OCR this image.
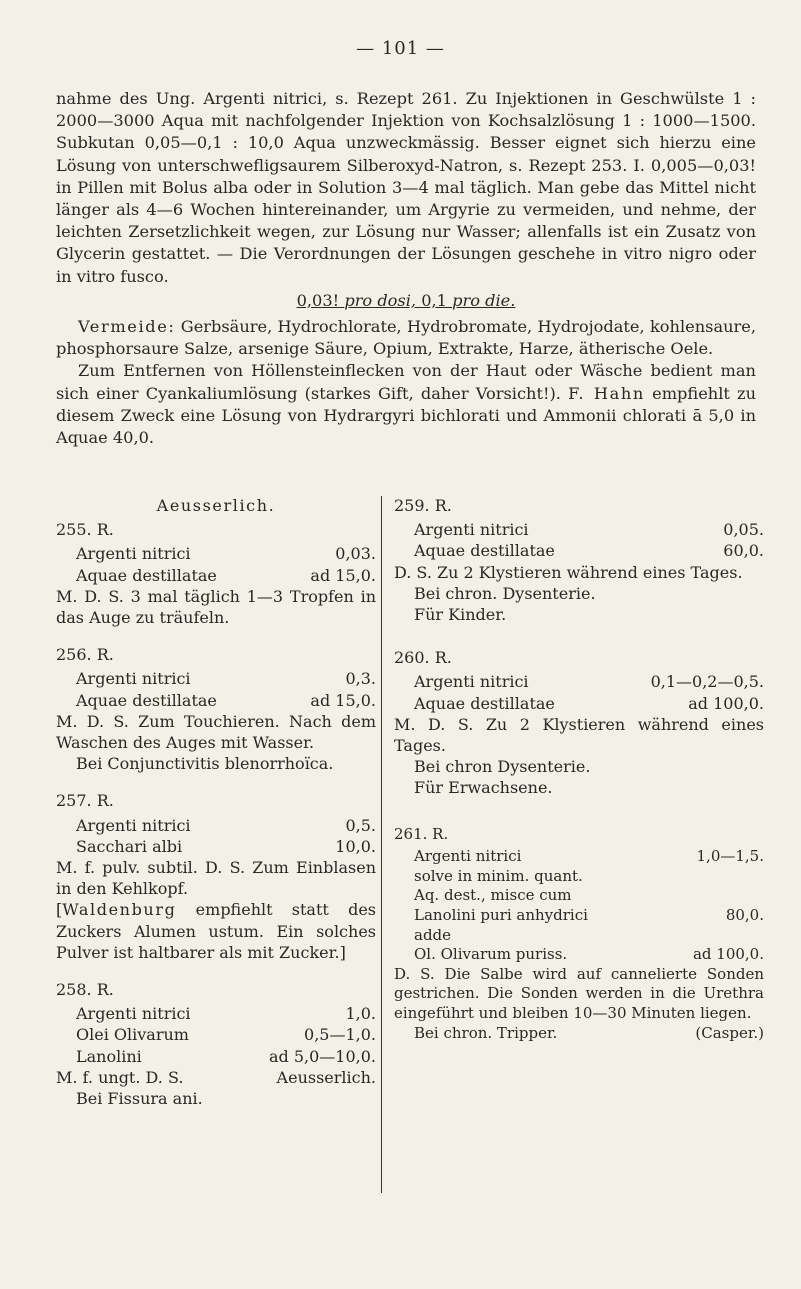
— 101 —

nahme des Ung. Argenti nitrici, s. Rezept 261. Zu Injektionen in Geschwülste 1 : 2000—3000 Aqua mit nachfolgender Injektion von Kochsalzlösung 1 : 1000—1500. Subkutan 0,05—0,1 : 10,0 Aqua unzweckmässig. Besser eignet sich hierzu eine Lösung von unterschwefligsaurem Silberoxyd-Natron, s. Rezept 253. I. 0,005—0,03! in Pillen mit Bolus alba oder in Solution 3—4 mal täglich. Man gebe das Mittel nicht länger als 4—6 Wochen hintereinander, um Argyrie zu vermeiden, und nehme, der leichten Zersetzlichkeit wegen, zur Lösung nur Wasser; allenfalls ist ein Zusatz von Glycerin gestattet. — Die Verordnungen der Lösungen geschehe in vitro nigro oder in vitro fusco.

0,03! pro dosi, 0,1 pro die.

Vermeide: Gerbsäure, Hydrochlorate, Hydrobromate, Hydrojodate, kohlensaure, phosphorsaure Salze, arsenige Säure, Opium, Extrakte, Harze, ätherische Oele.

Zum Entfernen von Höllensteinflecken von der Haut oder Wäsche bedient man sich einer Cyankaliumlösung (starkes Gift, daher Vorsicht!). F. Hahn empfiehlt zu diesem Zweck eine Lösung von Hydrargyri bichlorati und Ammonii chlorati ā 5,0 in Aquae 40,0.

Aeusserlich.
255. R.
Argenti nitrici	0,03.
Aquae destillatae	ad 15,0.

M. D. S. 3 mal täglich 1—3 Tropfen in das Auge zu träufeln.

256. R.
Argenti nitrici	0,3.
Aquae destillatae	ad 15,0.

M. D. S. Zum Touchieren. Nach dem Waschen des Auges mit Wasser.

Bei Conjunctivitis blenorrhoïca.

257. R.
Argenti nitrici	0,5.
Sacchari albi	10,0.

M. f. pulv. subtil. D. S. Zum Einblasen in den Kehlkopf.

[Waldenburg empfiehlt statt des Zuckers Alumen ustum. Ein solches Pulver ist haltbarer als mit Zucker.]

258. R.
Argenti nitrici	1,0.
Olei Olivarum	0,5—1,0.
Lanolini	ad 5,0—10,0.
M. f. ungt. D. S.	Aeusserlich.

Bei Fissura ani.

259. R.
Argenti nitrici	0,05.
Aquae destillatae	60,0.

D. S. Zu 2 Klystieren während eines Tages.

Bei chron. Dysenterie.

Für Kinder.

260. R.
Argenti nitrici	0,1—0,2—0,5.
Aquae destillatae	ad 100,0.

M. D. S. Zu 2 Klystieren während eines Tages.

Bei chron Dysenterie.

Für Erwachsene.

261. R.
Argenti nitrici	1,0—1,5.

solve in minim. quant.

Aq. dest., misce cum

Lanolini puri anhydrici	80,0.

adde

Ol. Olivarum puriss.	ad 100,0.

D. S. Die Salbe wird auf cannelierte Sonden gestrichen. Die Sonden werden in die Urethra eingeführt und bleiben 10—30 Minuten liegen.

Bei chron. Tripper.	(Casper.)
